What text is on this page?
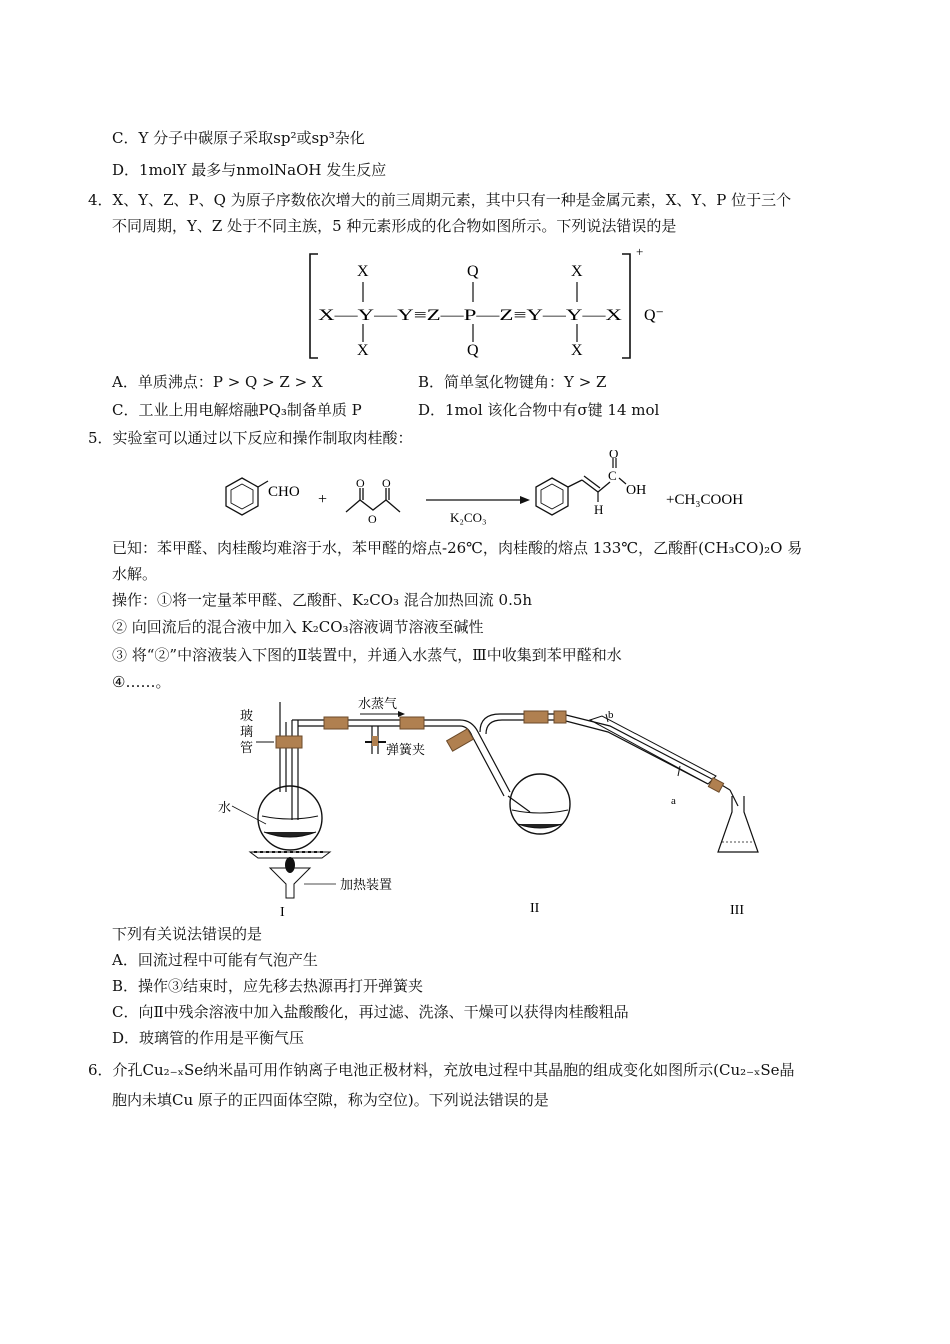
C．Y 分子中碳原子采取sp²或sp³杂化
D．1molY 最多与nmolNaOH 发生反应
4．X、Y、Z、P、Q 为原子序数依次增大的前三周期元素，其中只有一种是金属元素，X、Y、P 位于三个
不同周期，Y、Z 处于不同主族，5 种元素形成的化合物如图所示。下列说法错误的是
+
Q⁻
X	Q	X
X—Y—Y≡Z—P—Z≡Y—Y—X
X	Q	X
A．单质沸点：P > Q > Z > X	B．简单氢化物键角：Y > Z
C．工业上用电解熔融PQ₃制备单质 P	D．1mol 该化合物中有σ键 14 mol
5．实验室可以通过以下反应和操作制取肉桂酸：
CHO +
O O
O	K₂CO₃
H
C
O
OH
+CH₃COOH
已知：苯甲醛、肉桂酸均难溶于水，苯甲醛的熔点-26℃，肉桂酸的熔点 133℃，乙酸酐(CH₃CO)₂O 易
水解。
操作：①将一定量苯甲醛、乙酸酐、K₂CO₃ 混合加热回流 0.5h
② 向回流后的混合液中加入 K₂CO₃溶液调节溶液至碱性
③ 将“②”中溶液装入下图的Ⅱ装置中，并通入水蒸气，Ⅲ中收集到苯甲醛和水
④……。
玻
璃
管
水蒸气
弹簧夹
水
加热装置
b
a
I	II	III
下列有关说法错误的是
A．回流过程中可能有气泡产生
B．操作③结束时，应先移去热源再打开弹簧夹
C．向Ⅱ中残余溶液中加入盐酸酸化，再过滤、洗涤、干燥可以获得肉桂酸粗品
D．玻璃管的作用是平衡气压
6．介孔Cu₂₋ₓSe纳米晶可用作钠离子电池正极材料，充放电过程中其晶胞的组成变化如图所示(Cu₂₋ₓSe晶
胞内未填Cu 原子的正四面体空隙，称为空位)。下列说法错误的是
